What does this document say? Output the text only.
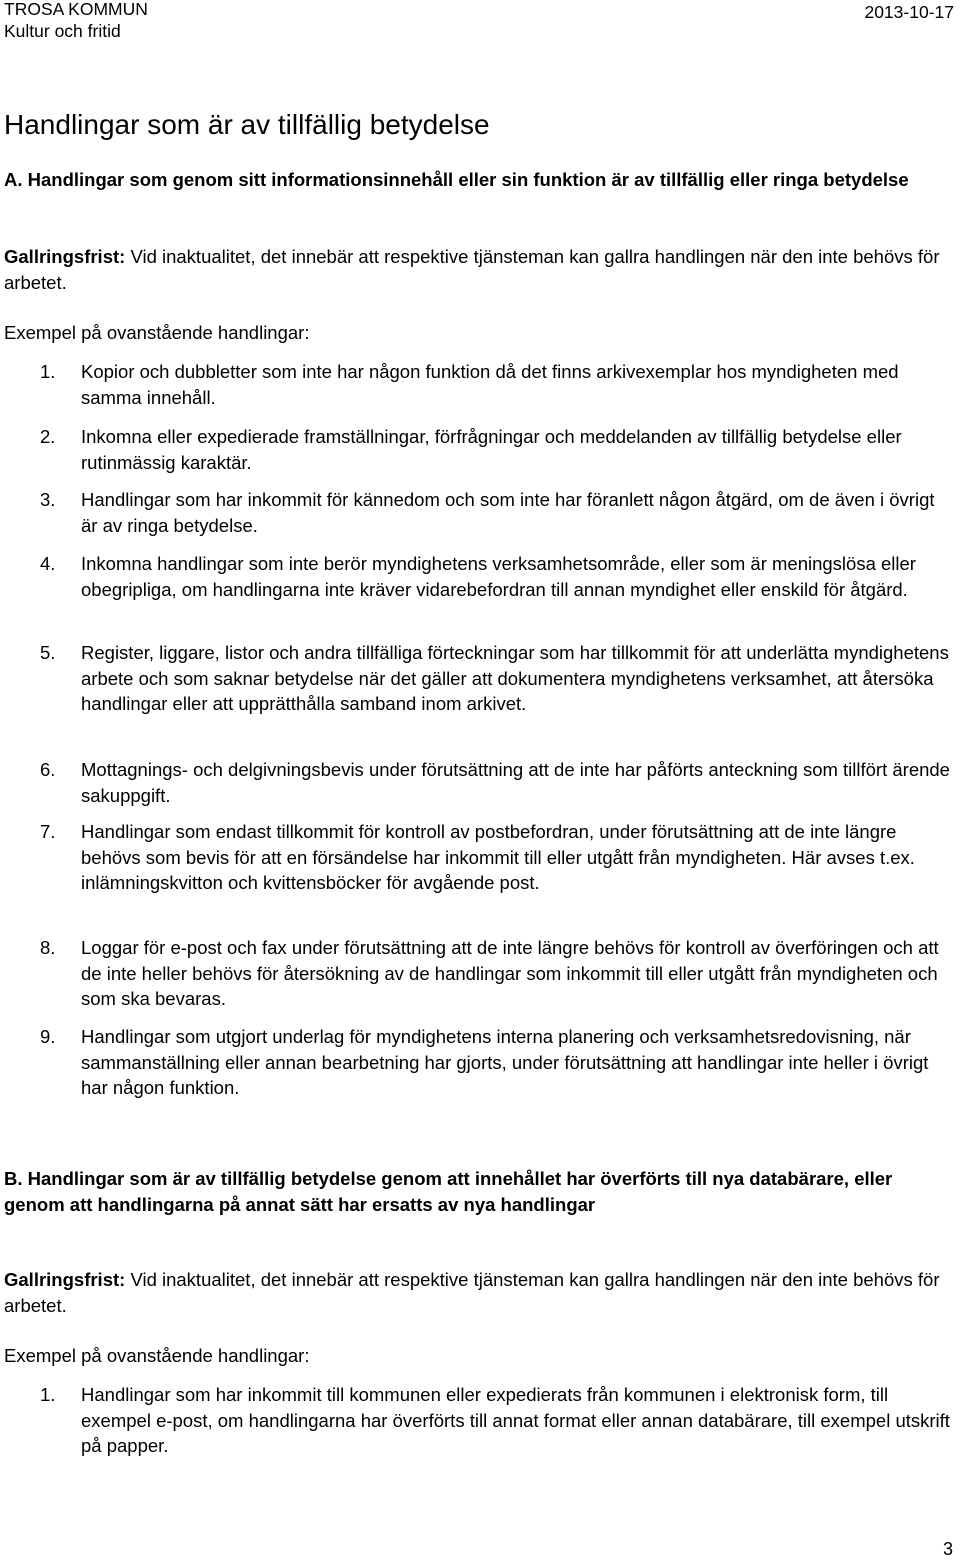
TROSA KOMMUN
Kultur och fritid
2013-10-17
Handlingar som är av tillfällig betydelse
A. Handlingar som genom sitt informationsinnehåll eller sin funktion är av tillfällig eller ringa betydelse

Gallringsfrist: Vid inaktualitet, det innebär att respektive tjänsteman kan gallra handlingen när den inte behövs för arbetet.

Exempel på ovanstående handlingar:

1. Kopior och dubbletter som inte har någon funktion då det finns arkivexemplar hos myndigheten med samma innehåll.
2. Inkomna eller expedierade framställningar, förfrågningar och meddelanden av tillfällig betydelse eller rutinmässig karaktär.
3. Handlingar som har inkommit för kännedom och som inte har föranlett någon åtgärd, om de även i övrigt är av ringa betydelse.
4. Inkomna handlingar som inte berör myndighetens verksamhetsområde, eller som är meningslösa eller obegripliga, om handlingarna inte kräver vidarebefordran till annan myndighet eller enskild för åtgärd.
5. Register, liggare, listor och andra tillfälliga förteckningar som har tillkommit för att underlätta myndighetens arbete och som saknar betydelse när det gäller att dokumentera myndighetens verksamhet, att återsöka handlingar eller att upprätthålla samband inom arkivet.
6. Mottagnings- och delgivningsbevis under förutsättning att de inte har påförts anteckning som tillfört ärende sakuppgift.
7. Handlingar som endast tillkommit för kontroll av postbefordran, under förutsättning att de inte längre behövs som bevis för att en försändelse har inkommit till eller utgått från myndigheten. Här avses t.ex. inlämningskvitton och kvittensböcker för avgående post.
8. Loggar för e-post och fax under förutsättning att de inte längre behövs för kontroll av överföringen och att de inte heller behövs för återsökning av de handlingar som inkommit till eller utgått från myndigheten och som ska bevaras.
9. Handlingar som utgjort underlag för myndighetens interna planering och verksamhetsredovisning, när sammanställning eller annan bearbetning har gjorts, under förutsättning att handlingar inte heller i övrigt har någon funktion.
B. Handlingar som är av tillfällig betydelse genom att innehållet har överförts till nya databärare, eller genom att handlingarna på annat sätt har ersatts av nya handlingar

Gallringsfrist: Vid inaktualitet, det innebär att respektive tjänsteman kan gallra handlingen när den inte behövs för arbetet.

Exempel på ovanstående handlingar:

1. Handlingar som har inkommit till kommunen eller expedierats från kommunen i elektronisk form, till exempel e-post, om handlingarna har överförts till annat format eller annan databärare, till exempel utskrift på papper.
3
